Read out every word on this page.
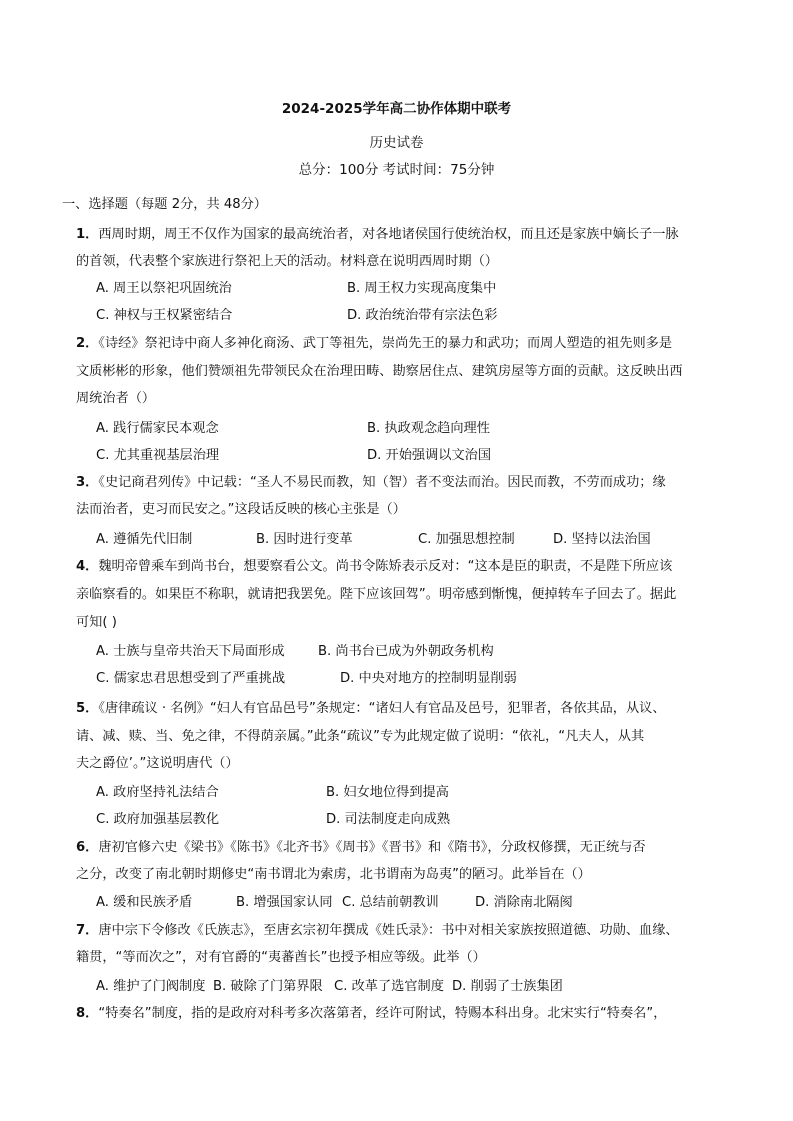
2024-2025学年高二协作体期中联考
历史试卷
总分：100分 考试时间：75分钟
一、选择题（每题 2分，共 48分）
1．西周时期，周王不仅作为国家的最高统治者，对各地诸侯国行使统治权，而且还是家族中嫡长子一脉
的首领，代表整个家族进行祭祀上天的活动。材料意在说明西周时期（）
A. 周王以祭祀巩固统治	B. 周王权力实现高度集中
C. 神权与王权紧密结合	D. 政治统治带有宗法色彩
2．《诗经》祭祀诗中商人多神化商汤、武丁等祖先，崇尚先王的暴力和武功；而周人塑造的祖先则多是
文质彬彬的形象，他们赞颂祖先带领民众在治理田畴、勘察居住点、建筑房屋等方面的贡献。这反映出西
周统治者（）
A. 践行儒家民本观念	B. 执政观念趋向理性
C. 尤其重视基层治理	D. 开始强调以文治国
3．《史记商君列传》中记载：“圣人不易民而教，知（智）者不变法而治。因民而教，不劳而成功；缘
法而治者，吏习而民安之。”这段话反映的核心主张是（）
A. 遵循先代旧制	B. 因时进行变革	C. 加强思想控制	D. 坚持以法治国
4．魏明帝曾乘车到尚书台，想要察看公文。尚书令陈矫表示反对：“这本是臣的职责，不是陛下所应该
亲临察看的。如果臣不称职，就请把我罢免。陛下应该回驾”。明帝感到惭愧，便掉转车子回去了。据此
可知( )
A. 士族与皇帝共治天下局面形成	B. 尚书台已成为外朝政务机构
C. 儒家忠君思想受到了严重挑战	D. 中央对地方的控制明显削弱
5．《唐律疏议 · 名例》“妇人有官品邑号”条规定：“诸妇人有官品及邑号，犯罪者，各依其品，从议、
请、减、赎、当、免之律，不得荫亲属。”此条“疏议”专为此规定做了说明：“依礼，“凡夫人，从其
夫之爵位’。”这说明唐代（）
A. 政府坚持礼法结合	B. 妇女地位得到提高
C. 政府加强基层教化	D. 司法制度走向成熟
6．唐初官修六史《梁书》《陈书》《北齐书》《周书》《晋书》和《隋书》，分政权修撰，无正统与否
之分，改变了南北朝时期修史“南书谓北为索虏，北书谓南为岛夷”的陋习。此举旨在（）
A. 缓和民族矛盾	B. 增强国家认同 C. 总结前朝教训	D. 消除南北隔阂
7．唐中宗下令修改《氏族志》，至唐玄宗初年撰成《姓氏录》：书中对相关家族按照道德、功勋、血缘、
籍贯，“等而次之”，对有官爵的“夷蕃酋长”也授予相应等级。此举（）
A. 维护了门阀制度 B. 破除了门第界限 C. 改革了选官制度 D. 削弱了士族集团
8．“特奏名”制度，指的是政府对科考多次落第者，经许可附试，特赐本科出身。北宋实行“特奏名”，
